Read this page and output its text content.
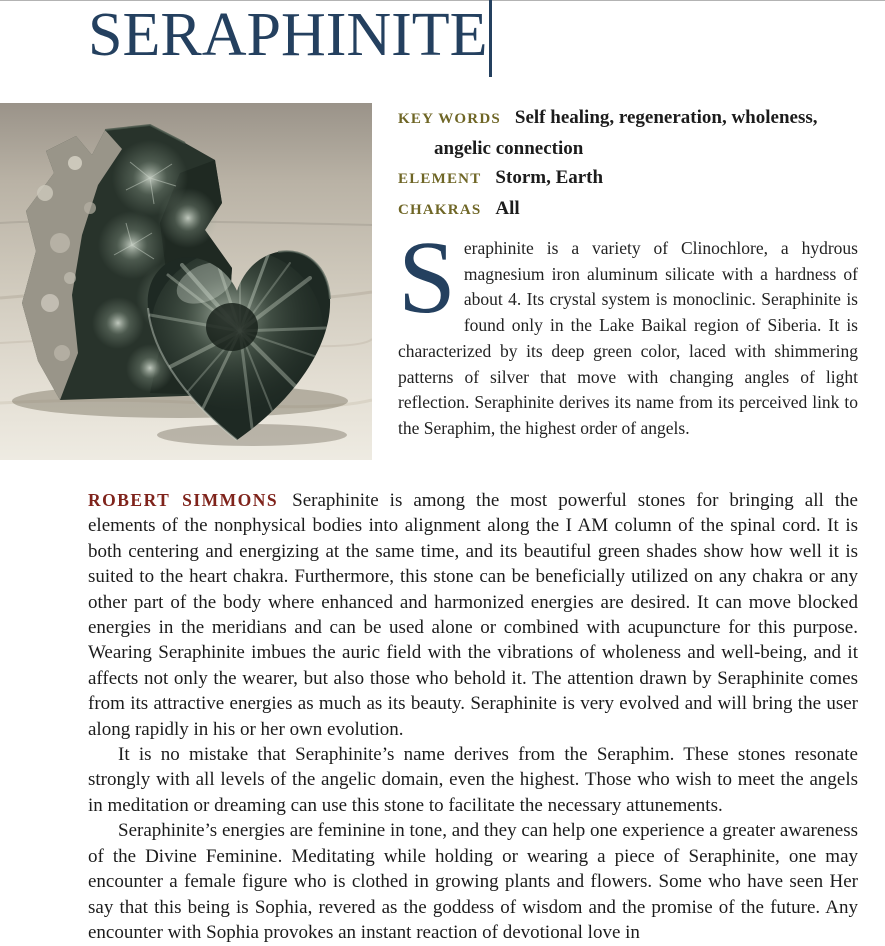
SERAPHINITE
KEY WORDS Self healing, regeneration, wholeness, angelic connection
ELEMENT Storm, Earth
CHAKRAS All
Seraphinite is a variety of Clinochlore, a hydrous magnesium iron aluminum silicate with a hardness of about 4. Its crystal system is monoclinic. Seraphinite is found only in the Lake Baikal region of Siberia. It is characterized by its deep green color, laced with shimmering patterns of silver that move with changing angles of light reflection. Seraphinite derives its name from its perceived link to the Seraphim, the highest order of angels.

ROBERT SIMMONS Seraphinite is among the most powerful stones for bringing all the elements of the nonphysical bodies into alignment along the I AM column of the spinal cord. It is both centering and energizing at the same time, and its beautiful green shades show how well it is suited to the heart chakra. Furthermore, this stone can be beneficially utilized on any chakra or any other part of the body where enhanced and harmonized energies are desired. It can move blocked energies in the meridians and can be used alone or combined with acupuncture for this purpose. Wearing Seraphinite imbues the auric field with the vibrations of wholeness and well-being, and it affects not only the wearer, but also those who behold it. The attention drawn by Seraphinite comes from its attractive energies as much as its beauty. Seraphinite is very evolved and will bring the user along rapidly in his or her own evolution.

It is no mistake that Seraphinite’s name derives from the Seraphim. These stones resonate strongly with all levels of the angelic domain, even the highest. Those who wish to meet the angels in meditation or dreaming can use this stone to facilitate the necessary attunements.

Seraphinite’s energies are feminine in tone, and they can help one experience a greater awareness of the Divine Feminine. Meditating while holding or wearing a piece of Seraphinite, one may encounter a female figure who is clothed in growing plants and flowers. Some who have seen Her say that this being is Sophia, revered as the goddess of wisdom and the promise of the future. Any encounter with Sophia provokes an instant reaction of devotional love in
